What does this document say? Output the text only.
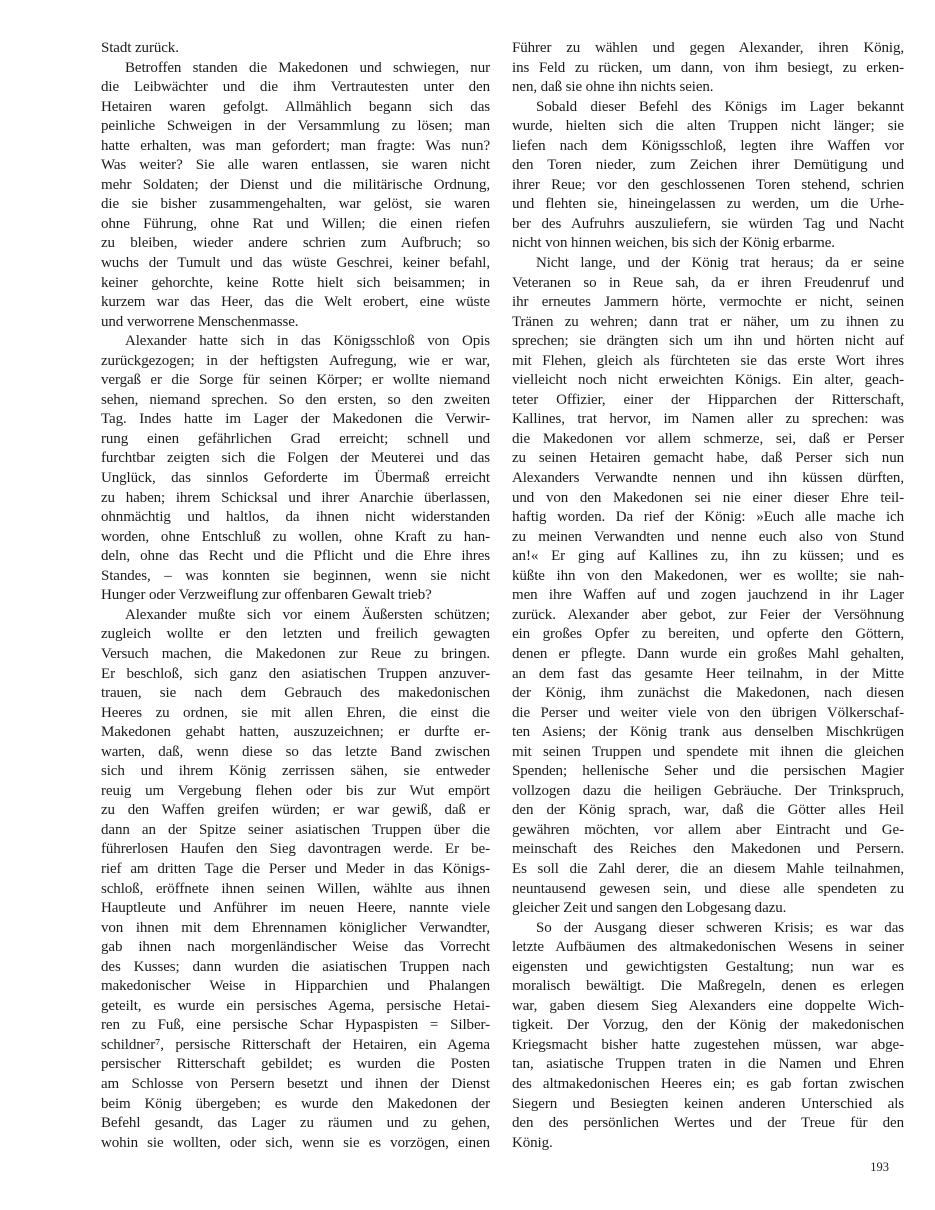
Stadt zurück.
Betroffen standen die Makedonen und schwiegen, nur
die Leibwächter und die ihm Vertrautesten unter den
Hetairen waren gefolgt. Allmählich begann sich das
peinliche Schweigen in der Versammlung zu lösen; man
hatte erhalten, was man gefordert; man fragte: Was nun?
Was weiter? Sie alle waren entlassen, sie waren nicht
mehr Soldaten; der Dienst und die militärische Ordnung,
die sie bisher zusammengehalten, war gelöst, sie waren
ohne Führung, ohne Rat und Willen; die einen riefen
zu bleiben, wieder andere schrien zum Aufbruch; so
wuchs der Tumult und das wüste Geschrei, keiner befahl,
keiner gehorchte, keine Rotte hielt sich beisammen; in
kurzem war das Heer, das die Welt erobert, eine wüste
und verworrene Menschenmasse.
Alexander hatte sich in das Königsschloß von Opis
zurückgezogen; in der heftigsten Aufregung, wie er war,
vergaß er die Sorge für seinen Körper; er wollte niemand
sehen, niemand sprechen. So den ersten, so den zweiten
Tag. Indes hatte im Lager der Makedonen die Verwir-
rung einen gefährlichen Grad erreicht; schnell und
furchtbar zeigten sich die Folgen der Meuterei und das
Unglück, das sinnlos Geforderte im Übermaß erreicht
zu haben; ihrem Schicksal und ihrer Anarchie überlassen,
ohnmächtig und haltlos, da ihnen nicht widerstanden
worden, ohne Entschluß zu wollen, ohne Kraft zu han-
deln, ohne das Recht und die Pflicht und die Ehre ihres
Standes, – was konnten sie beginnen, wenn sie nicht
Hunger oder Verzweiflung zur offenbaren Gewalt trieb?
Alexander mußte sich vor einem Äußersten schützen;
zugleich wollte er den letzten und freilich gewagten
Versuch machen, die Makedonen zur Reue zu bringen.
Er beschloß, sich ganz den asiatischen Truppen anzuver-
trauen, sie nach dem Gebrauch des makedonischen
Heeres zu ordnen, sie mit allen Ehren, die einst die
Makedonen gehabt hatten, auszuzeichnen; er durfte er-
warten, daß, wenn diese so das letzte Band zwischen
sich und ihrem König zerrissen sähen, sie entweder
reuig um Vergebung flehen oder bis zur Wut empört
zu den Waffen greifen würden; er war gewiß, daß er
dann an der Spitze seiner asiatischen Truppen über die
führerlosen Haufen den Sieg davontragen werde. Er be-
rief am dritten Tage die Perser und Meder in das Königs-
schloß, eröffnete ihnen seinen Willen, wählte aus ihnen
Hauptleute und Anführer im neuen Heere, nannte viele
von ihnen mit dem Ehrennamen königlicher Verwandter,
gab ihnen nach morgenländischer Weise das Vorrecht
des Kusses; dann wurden die asiatischen Truppen nach
makedonischer Weise in Hipparchien und Phalangen
geteilt, es wurde ein persisches Agema, persische Hetai-
ren zu Fuß, eine persische Schar Hypaspisten = Silber-
schildner⁷, persische Ritterschaft der Hetairen, ein Agema
persischer Ritterschaft gebildet; es wurden die Posten
am Schlosse von Persern besetzt und ihnen der Dienst
beim König übergeben; es wurde den Makedonen der
Befehl gesandt, das Lager zu räumen und zu gehen,
wohin sie wollten, oder sich, wenn sie es vorzögen, einen
Führer zu wählen und gegen Alexander, ihren König,
ins Feld zu rücken, um dann, von ihm besiegt, zu erken-
nen, daß sie ohne ihn nichts seien.
Sobald dieser Befehl des Königs im Lager bekannt
wurde, hielten sich die alten Truppen nicht länger; sie
liefen nach dem Königsschloß, legten ihre Waffen vor
den Toren nieder, zum Zeichen ihrer Demütigung und
ihrer Reue; vor den geschlossenen Toren stehend, schrien
und flehten sie, hineingelassen zu werden, um die Urhe-
ber des Aufruhrs auszuliefern, sie würden Tag und Nacht
nicht von hinnen weichen, bis sich der König erbarme.
Nicht lange, und der König trat heraus; da er seine
Veteranen so in Reue sah, da er ihren Freudenruf und
ihr erneutes Jammern hörte, vermochte er nicht, seinen
Tränen zu wehren; dann trat er näher, um zu ihnen zu
sprechen; sie drängten sich um ihn und hörten nicht auf
mit Flehen, gleich als fürchteten sie das erste Wort ihres
vielleicht noch nicht erweichten Königs. Ein alter, geach-
teter Offizier, einer der Hipparchen der Ritterschaft,
Kallines, trat hervor, im Namen aller zu sprechen: was
die Makedonen vor allem schmerze, sei, daß er Perser
zu seinen Hetairen gemacht habe, daß Perser sich nun
Alexanders Verwandte nennen und ihn küssen dürften,
und von den Makedonen sei nie einer dieser Ehre teil-
haftig worden. Da rief der König: »Euch alle mache ich
zu meinen Verwandten und nenne euch also von Stund
an!« Er ging auf Kallines zu, ihn zu küssen; und es
küßte ihn von den Makedonen, wer es wollte; sie nah-
men ihre Waffen auf und zogen jauchzend in ihr Lager
zurück. Alexander aber gebot, zur Feier der Versöhnung
ein großes Opfer zu bereiten, und opferte den Göttern,
denen er pflegte. Dann wurde ein großes Mahl gehalten,
an dem fast das gesamte Heer teilnahm, in der Mitte
der König, ihm zunächst die Makedonen, nach diesen
die Perser und weiter viele von den übrigen Völkerschaf-
ten Asiens; der König trank aus denselben Mischkrügen
mit seinen Truppen und spendete mit ihnen die gleichen
Spenden; hellenische Seher und die persischen Magier
vollzogen dazu die heiligen Gebräuche. Der Trinkspruch,
den der König sprach, war, daß die Götter alles Heil
gewähren möchten, vor allem aber Eintracht und Ge-
meinschaft des Reiches den Makedonen und Persern.
Es soll die Zahl derer, die an diesem Mahle teilnahmen,
neuntausend gewesen sein, und diese alle spendeten zu
gleicher Zeit und sangen den Lobgesang dazu.
So der Ausgang dieser schweren Krisis; es war das
letzte Aufbäumen des altmakedonischen Wesens in seiner
eigensten und gewichtigsten Gestaltung; nun war es
moralisch bewältigt. Die Maßregeln, denen es erlegen
war, gaben diesem Sieg Alexanders eine doppelte Wich-
tigkeit. Der Vorzug, den der König der makedonischen
Kriegsmacht bisher hatte zugestehen müssen, war abge-
tan, asiatische Truppen traten in die Namen und Ehren
des altmakedonischen Heeres ein; es gab fortan zwischen
Siegern und Besiegten keinen anderen Unterschied als
den des persönlichen Wertes und der Treue für den
König.
193
